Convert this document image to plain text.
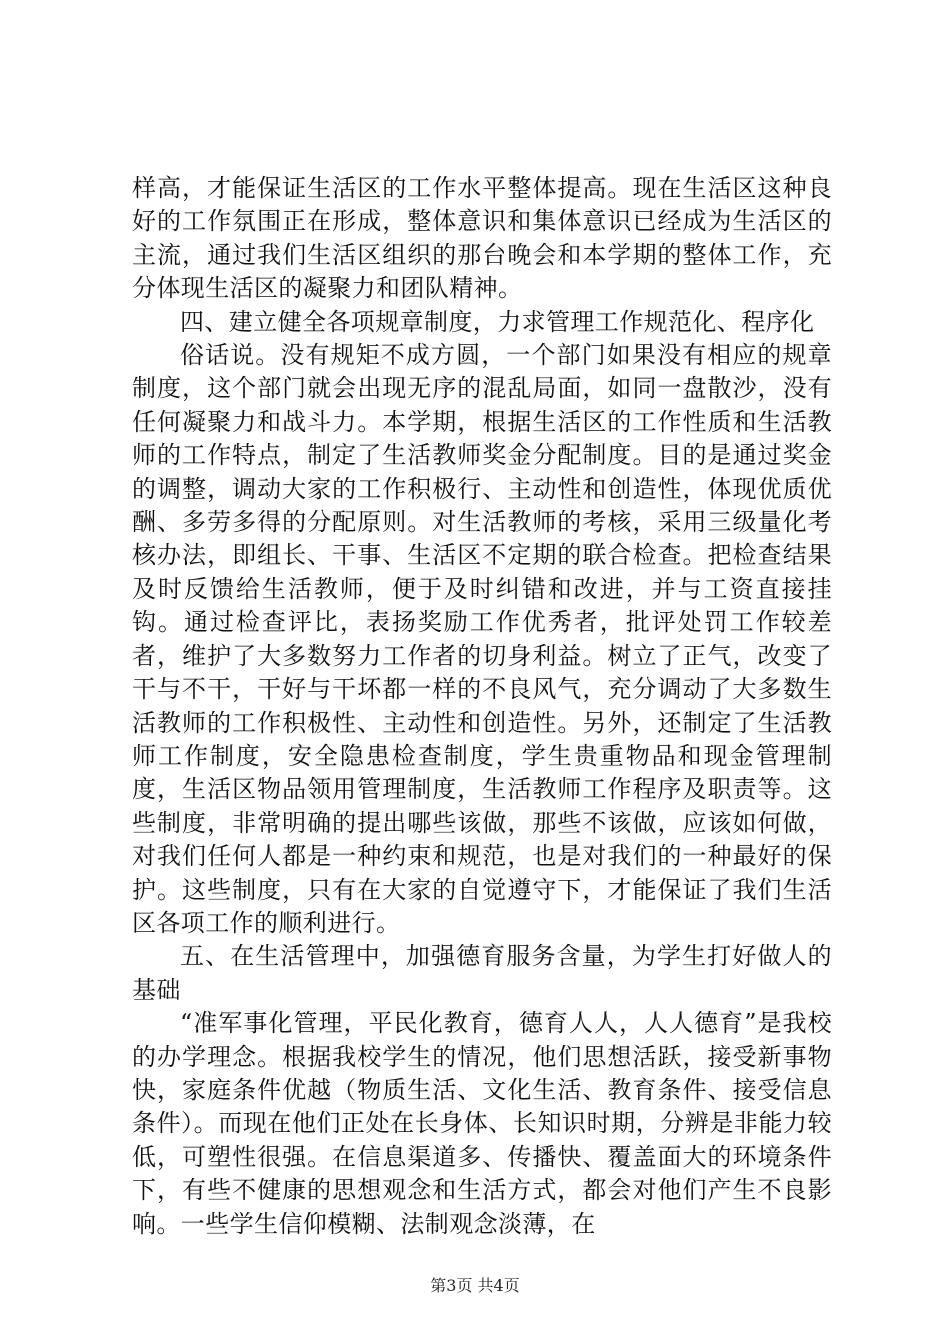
样高，才能保证生活区的工作水平整体提高。现在生活区这种良好的工作氛围正在形成，整体意识和集体意识已经成为生活区的主流，通过我们生活区组织的那台晚会和本学期的整体工作，充分体现生活区的凝聚力和团队精神。

四、建立健全各项规章制度，力求管理工作规范化、程序化

俗话说。没有规矩不成方圆，一个部门如果没有相应的规章制度，这个部门就会出现无序的混乱局面，如同一盘散沙，没有任何凝聚力和战斗力。本学期，根据生活区的工作性质和生活教师的工作特点，制定了生活教师奖金分配制度。目的是通过奖金的调整，调动大家的工作积极行、主动性和创造性，体现优质优酬、多劳多得的分配原则。对生活教师的考核，采用三级量化考核办法，即组长、干事、生活区不定期的联合检查。把检查结果及时反馈给生活教师，便于及时纠错和改进，并与工资直接挂钩。通过检查评比，表扬奖励工作优秀者，批评处罚工作较差者，维护了大多数努力工作者的切身利益。树立了正气，改变了干与不干，干好与干坏都一样的不良风气，充分调动了大多数生活教师的工作积极性、主动性和创造性。另外，还制定了生活教师工作制度，安全隐患检查制度，学生贵重物品和现金管理制度，生活区物品领用管理制度，生活教师工作程序及职责等。这些制度，非常明确的提出哪些该做，那些不该做，应该如何做，对我们任何人都是一种约束和规范，也是对我们的一种最好的保护。这些制度，只有在大家的自觉遵守下，才能保证了我们生活区各项工作的顺利进行。

五、在生活管理中，加强德育服务含量，为学生打好做人的基础

“准军事化管理，平民化教育，德育人人，人人德育”是我校的办学理念。根据我校学生的情况，他们思想活跃，接受新事物快，家庭条件优越（物质生活、文化生活、教育条件、接受信息条件）。而现在他们正处在长身体、长知识时期，分辨是非能力较低，可塑性很强。在信息渠道多、传播快、覆盖面大的环境条件下，有些不健康的思想观念和生活方式，都会对他们产生不良影响。一些学生信仰模糊、法制观念淡薄，在

第3页 共4页
